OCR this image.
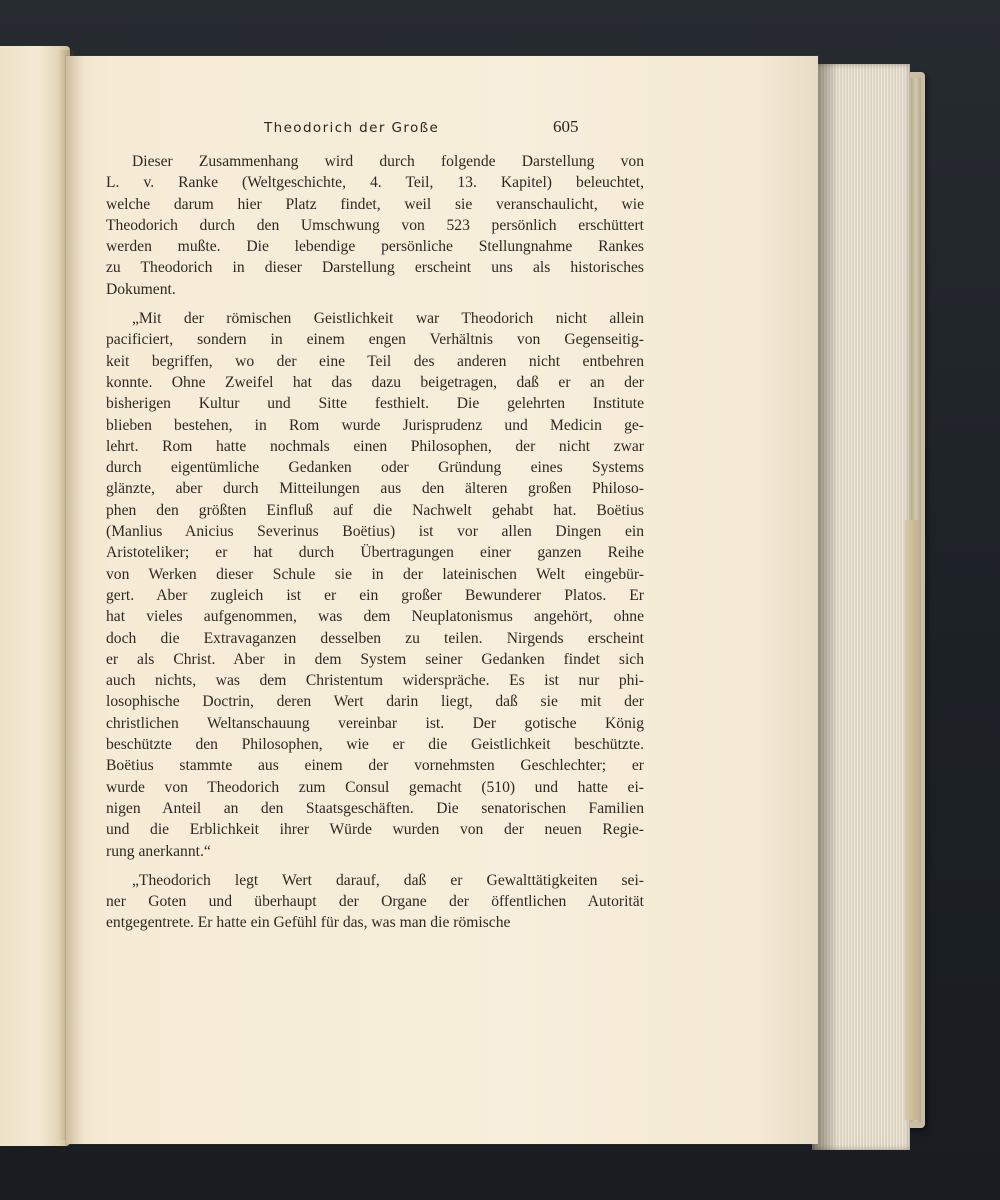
Theodorich der Große	605

Dieser Zusammenhang wird durch folgende Darstellung von
L. v. Ranke (Weltgeschichte, 4. Teil, 13. Kapitel) beleuchtet,
welche darum hier Platz findet, weil sie veranschaulicht, wie
Theodorich durch den Umschwung von 523 persönlich erschüttert
werden mußte. Die lebendige persönliche Stellungnahme Rankes
zu Theodorich in dieser Darstellung erscheint uns als historisches
Dokument.

„Mit der römischen Geistlichkeit war Theodorich nicht allein
pacificiert, sondern in einem engen Verhältnis von Gegenseitig-
keit begriffen, wo der eine Teil des anderen nicht entbehren
konnte. Ohne Zweifel hat das dazu beigetragen, daß er an der
bisherigen Kultur und Sitte festhielt. Die gelehrten Institute
blieben bestehen, in Rom wurde Jurisprudenz und Medicin ge-
lehrt. Rom hatte nochmals einen Philosophen, der nicht zwar
durch eigentümliche Gedanken oder Gründung eines Systems
glänzte, aber durch Mitteilungen aus den älteren großen Philoso-
phen den größten Einfluß auf die Nachwelt gehabt hat. Boëtius
(Manlius Anicius Severinus Boëtius) ist vor allen Dingen ein
Aristoteliker; er hat durch Übertragungen einer ganzen Reihe
von Werken dieser Schule sie in der lateinischen Welt eingebür-
gert. Aber zugleich ist er ein großer Bewunderer Platos. Er
hat vieles aufgenommen, was dem Neuplatonismus angehört, ohne
doch die Extravaganzen desselben zu teilen. Nirgends erscheint
er als Christ. Aber in dem System seiner Gedanken findet sich
auch nichts, was dem Christentum widerspräche. Es ist nur phi-
losophische Doctrin, deren Wert darin liegt, daß sie mit der
christlichen Weltanschauung vereinbar ist. Der gotische König
beschützte den Philosophen, wie er die Geistlichkeit beschützte.
Boëtius stammte aus einem der vornehmsten Geschlechter; er
wurde von Theodorich zum Consul gemacht (510) und hatte ei-
nigen Anteil an den Staatsgeschäften. Die senatorischen Familien
und die Erblichkeit ihrer Würde wurden von der neuen Regie-
rung anerkannt.“

„Theodorich legt Wert darauf, daß er Gewalttätigkeiten sei-
ner Goten und überhaupt der Organe der öffentlichen Autorität
entgegentrete. Er hatte ein Gefühl für das, was man die römische
